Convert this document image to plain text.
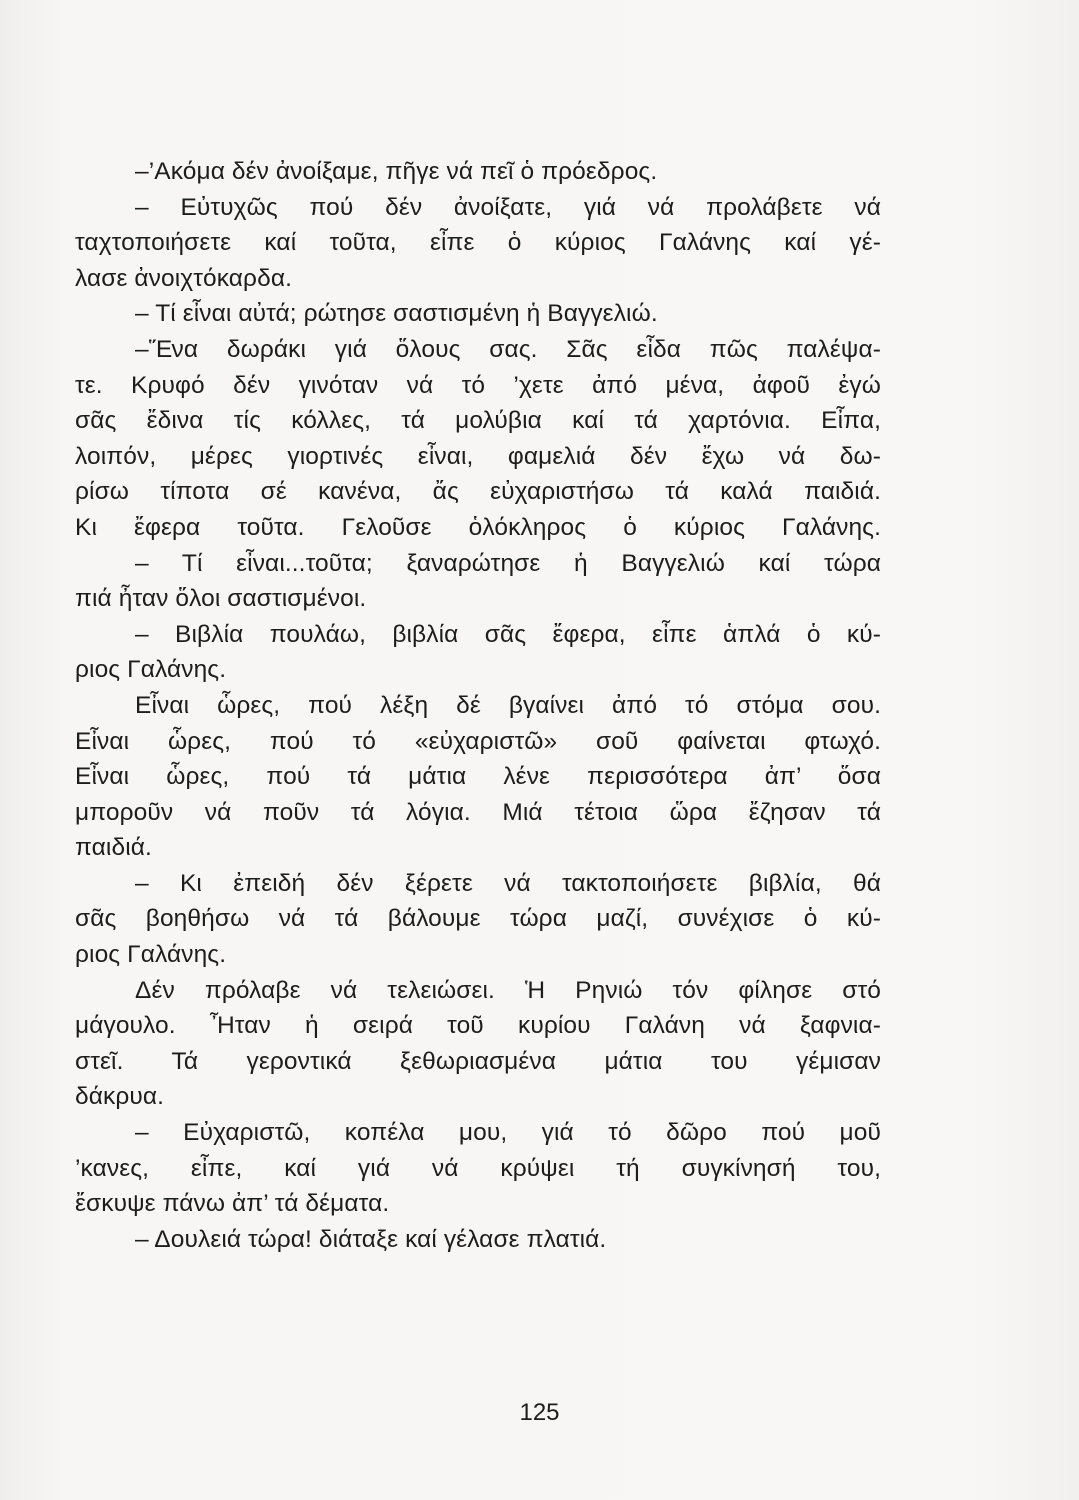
–’Ακόμα δέν ἀνοίξαμε, πῆγε νά πεῖ ὁ πρόεδρος.
– Εὐτυχῶς πού δέν ἀνοίξατε, γιά νά προλάβετε νά
ταχτοποιήσετε καί τοῦτα, εἶπε ὁ κύριος Γαλάνης καί γέ-
λασε ἀνοιχτόκαρδα.
– Τί εἶναι αὐτά; ρώτησε σαστισμένη ἡ Βαγγελιώ.
–Ἕνα δωράκι γιά ὅλους σας. Σᾶς εἶδα πῶς παλέψα-
τε. Κρυφό δέν γινόταν νά τό ’χετε ἀπό μένα, ἀφοῦ ἐγώ
σᾶς ἔδινα τίς κόλλες, τά μολύβια καί τά χαρτόνια. Εἶπα,
λοιπόν, μέρες γιορτινές εἶναι, φαμελιά δέν ἔχω νά δω-
ρίσω τίποτα σέ κανένα, ἄς εὐχαριστήσω τά καλά παιδιά.
Κι ἔφερα τοῦτα. Γελοῦσε ὁλόκληρος ὁ κύριος Γαλάνης.
– Τί εἶναι...τοῦτα; ξαναρώτησε ἡ Βαγγελιώ καί τώρα
πιά ἦταν ὅλοι σαστισμένοι.
– Βιβλία πουλάω, βιβλία σᾶς ἔφερα, εἶπε ἁπλά ὁ κύ-
ριος Γαλάνης.
Εἶναι ὧρες, πού λέξη δέ βγαίνει ἀπό τό στόμα σου.
Εἶναι ὧρες, πού τό «εὐχαριστῶ» σοῦ φαίνεται φτωχό.
Εἶναι ὧρες, πού τά μάτια λένε περισσότερα ἀπ’ ὅσα
μποροῦν νά ποῦν τά λόγια. Μιά τέτοια ὥρα ἔζησαν τά
παιδιά.
– Κι ἐπειδή δέν ξέρετε νά τακτοποιήσετε βιβλία, θά
σᾶς βοηθήσω νά τά βάλουμε τώρα μαζί, συνέχισε ὁ κύ-
ριος Γαλάνης.
Δέν πρόλαβε νά τελειώσει. Ἡ Ρηνιώ τόν φίλησε στό
μάγουλο. Ἦταν ἡ σειρά τοῦ κυρίου Γαλάνη νά ξαφνια-
στεῖ. Τά γεροντικά ξεθωριασμένα μάτια του γέμισαν
δάκρυα.
– Εὐχαριστῶ, κοπέλα μου, γιά τό δῶρο πού μοῦ
’κανες, εἶπε, καί γιά νά κρύψει τή συγκίνησή του,
ἔσκυψε πάνω ἀπ’ τά δέματα.
– Δουλειά τώρα! διάταξε καί γέλασε πλατιά.
125
